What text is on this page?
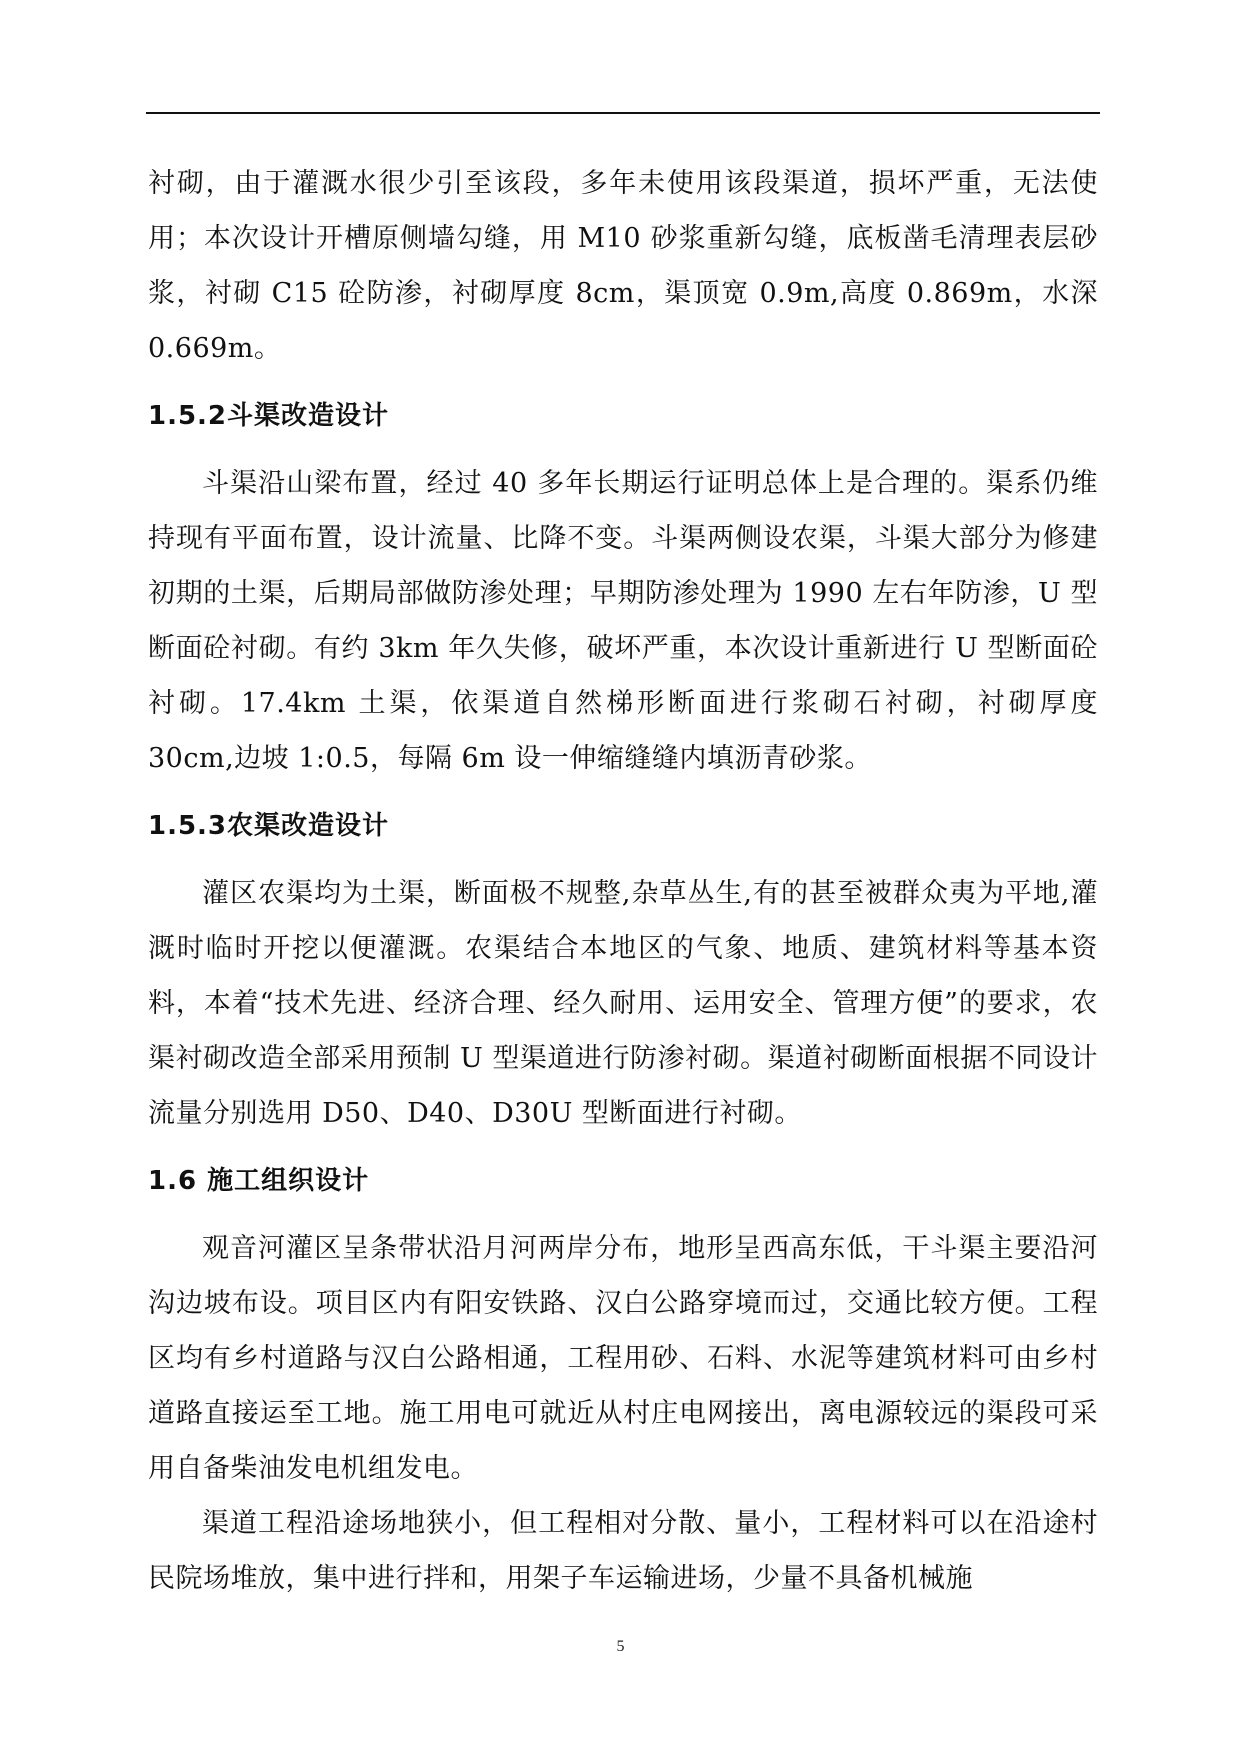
衬砌，由于灌溉水很少引至该段，多年未使用该段渠道，损坏严重，无法使用；本次设计开槽原侧墙勾缝，用 M10 砂浆重新勾缝，底板凿毛清理表层砂浆，衬砌 C15 砼防渗，衬砌厚度 8cm，渠顶宽 0.9m,高度 0.869m，水深 0.669m。

1.5.2斗渠改造设计

斗渠沿山梁布置，经过 40 多年长期运行证明总体上是合理的。渠系仍维持现有平面布置，设计流量、比降不变。斗渠两侧设农渠，斗渠大部分为修建初期的土渠，后期局部做防渗处理；早期防渗处理为 1990 左右年防渗，U 型断面砼衬砌。有约 3km 年久失修，破坏严重，本次设计重新进行 U 型断面砼衬砌。17.4km 土渠，依渠道自然梯形断面进行浆砌石衬砌，衬砌厚度 30cm,边坡 1:0.5，每隔 6m 设一伸缩缝缝内填沥青砂浆。

1.5.3农渠改造设计

灌区农渠均为土渠，断面极不规整,杂草丛生,有的甚至被群众夷为平地,灌溉时临时开挖以便灌溉。农渠结合本地区的气象、地质、建筑材料等基本资料，本着“技术先进、经济合理、经久耐用、运用安全、管理方便”的要求，农渠衬砌改造全部采用预制 U 型渠道进行防渗衬砌。渠道衬砌断面根据不同设计流量分别选用 D50、D40、D30U 型断面进行衬砌。

1.6 施工组织设计

观音河灌区呈条带状沿月河两岸分布，地形呈西高东低，干斗渠主要沿河沟边坡布设。项目区内有阳安铁路、汉白公路穿境而过，交通比较方便。工程区均有乡村道路与汉白公路相通，工程用砂、石料、水泥等建筑材料可由乡村道路直接运至工地。施工用电可就近从村庄电网接出，离电源较远的渠段可采用自备柴油发电机组发电。

渠道工程沿途场地狭小，但工程相对分散、量小，工程材料可以在沿途村民院场堆放，集中进行拌和，用架子车运输进场，少量不具备机械施

5
